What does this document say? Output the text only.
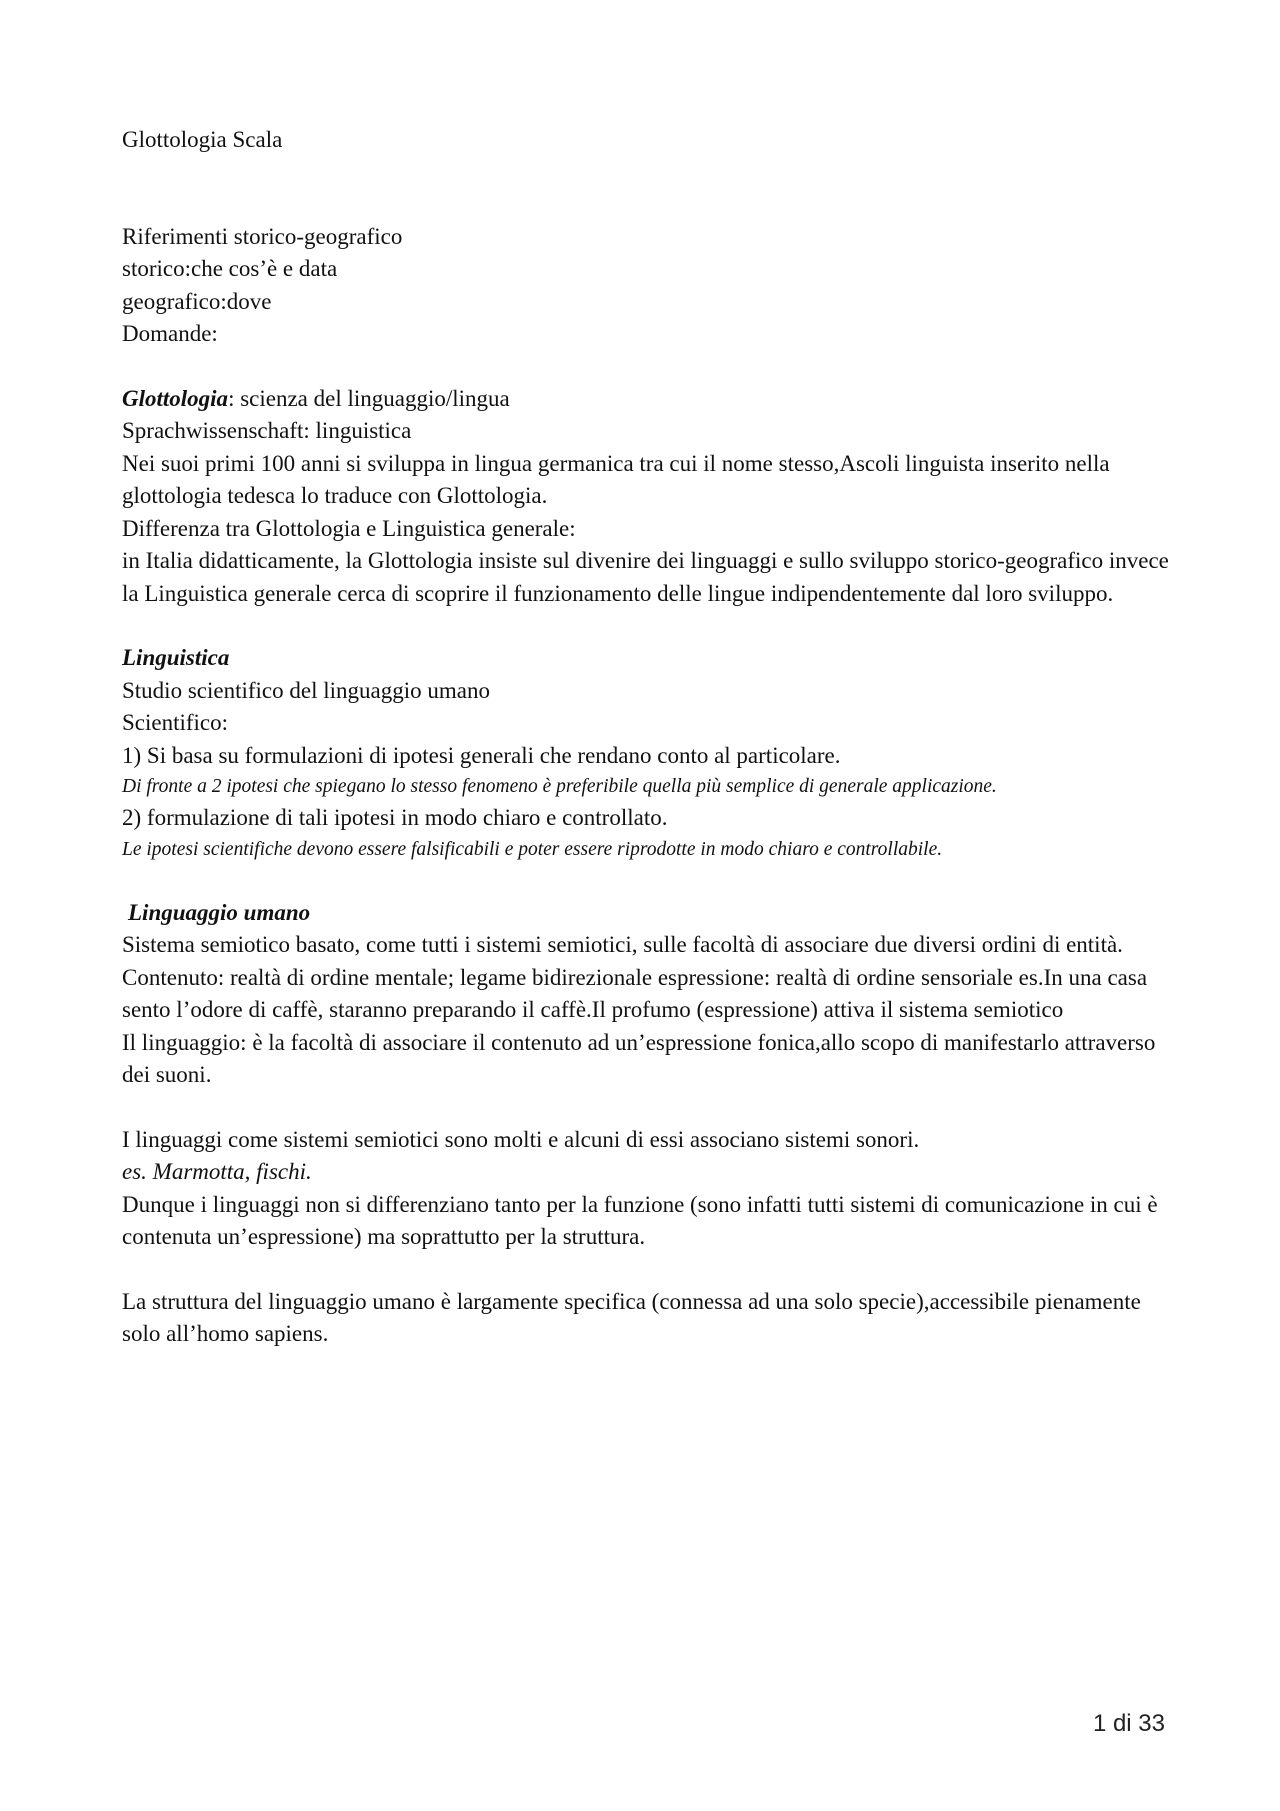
Glottologia Scala

Riferimenti storico-geografico

storico:che cos’è e data

geografico:dove

Domande:

Glottologia: scienza del linguaggio/lingua

Sprachwissenschaft: linguistica

Nei suoi primi 100 anni si sviluppa in lingua germanica tra cui il nome stesso,Ascoli linguista inserito nella glottologia tedesca lo traduce con Glottologia.

Differenza tra Glottologia e Linguistica generale:

in Italia didatticamente, la Glottologia insiste sul divenire dei linguaggi e sullo sviluppo storico-geografico invece la Linguistica generale cerca di scoprire il funzionamento delle lingue indipendentemente dal loro sviluppo.

Linguistica

Studio scientifico del linguaggio umano

Scientifico:

1) Si basa su formulazioni di ipotesi generali che rendano conto al particolare.

Di fronte a 2 ipotesi che spiegano lo stesso fenomeno è preferibile quella più semplice di generale applicazione.

2) formulazione di tali ipotesi in modo chiaro e controllato.

Le ipotesi scientifiche devono essere falsificabili e poter essere riprodotte in modo chiaro e controllabile.

Linguaggio umano

Sistema semiotico basato, come tutti i sistemi semiotici, sulle facoltà di associare due diversi ordini di entità.

Contenuto: realtà di ordine mentale; legame bidirezionale espressione: realtà di ordine sensoriale es.In una casa sento l’odore di caffè, staranno preparando il caffè.Il profumo (espressione) attiva il sistema semiotico

Il linguaggio: è la facoltà di associare il contenuto ad un’espressione fonica,allo scopo di manifestarlo attraverso dei suoni.

I linguaggi come sistemi semiotici sono molti e alcuni di essi associano sistemi sonori.

es. Marmotta, fischi.

Dunque i linguaggi non si differenziano tanto per la funzione (sono infatti tutti sistemi di comunicazione in cui è contenuta un’espressione) ma soprattutto per la struttura.

La struttura del linguaggio umano è largamente specifica (connessa ad una solo specie),accessibile pienamente solo all’homo sapiens.

1 di 33
